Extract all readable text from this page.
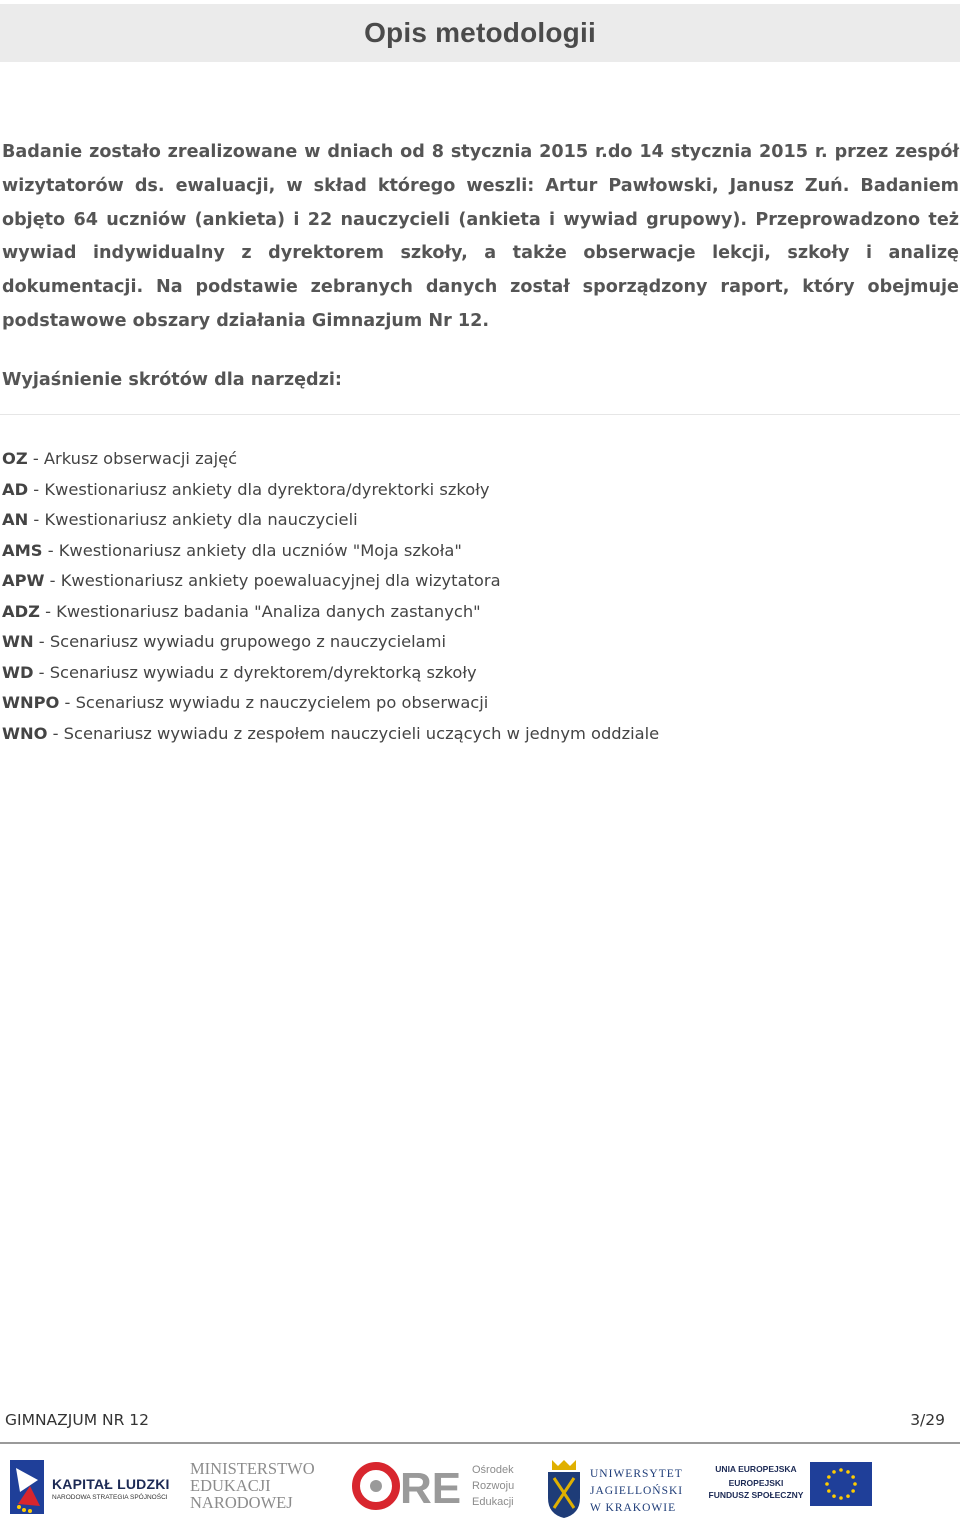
Opis metodologii

Badanie zostało zrealizowane w dniach od 8 stycznia 2015 r.do 14 stycznia 2015 r. przez zespół wizytatorów ds. ewaluacji, w skład którego weszli: Artur Pawłowski, Janusz Zuń. Badaniem objęto 64 uczniów (ankieta) i 22 nauczycieli (ankieta i wywiad grupowy). Przeprowadzono też wywiad indywidualny z dyrektorem szkoły, a także obserwacje lekcji, szkoły i analizę dokumentacji. Na podstawie zebranych danych został sporządzony raport, który obejmuje podstawowe obszary działania Gimnazjum Nr 12.

Wyjaśnienie skrótów dla narzędzi:
OZ - Arkusz obserwacji zajęć
AD - Kwestionariusz ankiety dla dyrektora/dyrektorki szkoły
AN - Kwestionariusz ankiety dla nauczycieli
AMS - Kwestionariusz ankiety dla uczniów "Moja szkoła"
APW - Kwestionariusz ankiety poewaluacyjnej dla wizytatora
ADZ - Kwestionariusz badania "Analiza danych zastanych"
WN - Scenariusz wywiadu grupowego z nauczycielami
WD - Scenariusz wywiadu z dyrektorem/dyrektorką szkoły
WNPO - Scenariusz wywiadu z nauczycielem po obserwacji
WNO - Scenariusz wywiadu z zespołem nauczycieli uczących w jednym oddziale
GIMNAZJUM NR 12	3/29
KAPITAŁ LUDZKI
NARODOWA STRATEGIA SPÓJNOŚCI
MINISTERSTWO
EDUKACJI
NARODOWEJ RE Ośrodek
Rozwoju
Edukacji
UNIWERSYTET
JAGIELLOŃSKI
W KRAKOWIE
UNIA EUROPEJSKA
EUROPEJSKI
FUNDUSZ SPOŁECZNY
